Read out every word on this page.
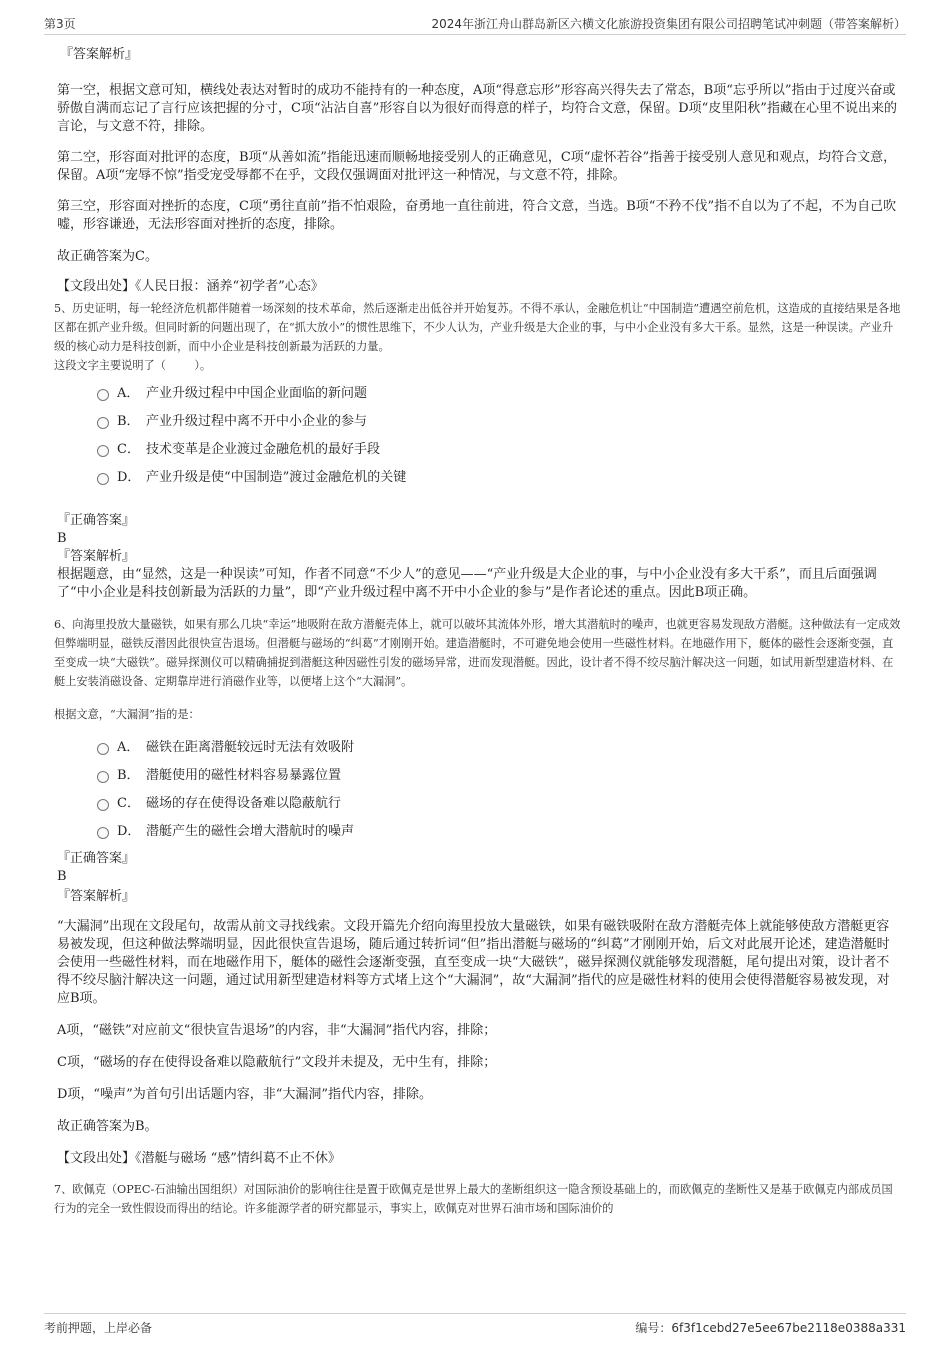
第3页	2024年浙江舟山群岛新区六横文化旅游投资集团有限公司招聘笔试冲刺题（带答案解析）

『答案解析』

第一空，根据文意可知，横线处表达对暂时的成功不能持有的一种态度，A项“得意忘形”形容高兴得失去了常态，B项“忘乎所以”指由于过度兴奋或骄傲自满而忘记了言行应该把握的分寸，C项“沾沾自喜”形容自以为很好而得意的样子，均符合文意，保留。D项“皮里阳秋”指藏在心里不说出来的言论，与文意不符，排除。

第二空，形容面对批评的态度，B项“从善如流”指能迅速而顺畅地接受别人的正确意见，C项“虚怀若谷”指善于接受别人意见和观点，均符合文意，保留。A项“宠辱不惊”指受宠受辱都不在乎，文段仅强调面对批评这一种情况，与文意不符，排除。

第三空，形容面对挫折的态度，C项“勇往直前”指不怕艰险，奋勇地一直往前进，符合文意，当选。B项“不矜不伐”指不自以为了不起，不为自己吹嘘，形容谦逊，无法形容面对挫折的态度，排除。

故正确答案为C。

【文段出处】《人民日报：涵养“初学者”心态》

5、历史证明，每一轮经济危机都伴随着一场深刻的技术革命，然后逐渐走出低谷并开始复苏。不得不承认，金融危机让“中国制造”遭遇空前危机，这造成的直接结果是各地区都在抓产业升级。但同时新的问题出现了，在“抓大放小”的惯性思维下，不少人认为，产业升级是大企业的事，与中小企业没有多大干系。显然，这是一种误读。产业升级的核心动力是科技创新，而中小企业是科技创新最为活跃的力量。

这段文字主要说明了（        ）。

A． 产业升级过程中中国企业面临的新问题
B． 产业升级过程中离不开中小企业的参与
C． 技术变革是企业渡过金融危机的最好手段
D． 产业升级是使“中国制造”渡过金融危机的关键

『正确答案』

B

『答案解析』

根据题意，由“显然，这是一种误读”可知，作者不同意“不少人”的意见——“产业升级是大企业的事，与中小企业没有多大干系”，而且后面强调了“中小企业是科技创新最为活跃的力量”，即“产业升级过程中离不开中小企业的参与”是作者论述的重点。因此B项正确。

6、向海里投放大量磁铁，如果有那么几块“幸运”地吸附在敌方潜艇壳体上，就可以破坏其流体外形，增大其潜航时的噪声，也就更容易发现敌方潜艇。这种做法有一定成效但弊端明显，磁铁反潜因此很快宣告退场。但潜艇与磁场的“纠葛”才刚刚开始。建造潜艇时，不可避免地会使用一些磁性材料。在地磁作用下，艇体的磁性会逐渐变强，直至变成一块“大磁铁”。磁异探测仪可以精确捕捉到潜艇这种因磁性引发的磁场异常，进而发现潜艇。因此，设计者不得不绞尽脑汁解决这一问题，如试用新型建造材料、在艇上安装消磁设备、定期靠岸进行消磁作业等，以便堵上这个“大漏洞”。

根据文意，“大漏洞”指的是：

A． 磁铁在距离潜艇较远时无法有效吸附
B． 潜艇使用的磁性材料容易暴露位置
C． 磁场的存在使得设备难以隐蔽航行
D． 潜艇产生的磁性会增大潜航时的噪声

『正确答案』

B

『答案解析』

“大漏洞”出现在文段尾句，故需从前文寻找线索。文段开篇先介绍向海里投放大量磁铁，如果有磁铁吸附在敌方潜艇壳体上就能够使敌方潜艇更容易被发现，但这种做法弊端明显，因此很快宣告退场，随后通过转折词“但”指出潜艇与磁场的“纠葛”才刚刚开始，后文对此展开论述，建造潜艇时会使用一些磁性材料，而在地磁作用下，艇体的磁性会逐渐变强，直至变成一块“大磁铁”，磁异探测仪就能够发现潜艇，尾句提出对策，设计者不得不绞尽脑汁解决这一问题，通过试用新型建造材料等方式堵上这个“大漏洞”，故“大漏洞”指代的应是磁性材料的使用会使得潜艇容易被发现，对应B项。

A项，“磁铁”对应前文“很快宣告退场”的内容，非“大漏洞”指代内容，排除；

C项，“磁场的存在使得设备难以隐蔽航行”文段并未提及，无中生有，排除；

D项，“噪声”为首句引出话题内容，非“大漏洞”指代内容，排除。

故正确答案为B。

【文段出处】《潜艇与磁场 “感”情纠葛不止不休》

7、欧佩克（OPEC-石油输出国组织）对国际油价的影响往往是置于欧佩克是世界上最大的垄断组织这一隐含预设基础上的，而欧佩克的垄断性又是基于欧佩克内部成员国行为的完全一致性假设而得出的结论。许多能源学者的研究都显示，事实上，欧佩克对世界石油市场和国际油价的

考前押题，上岸必备	编号：6f3f1cebd27e5ee67be2118e0388a331
